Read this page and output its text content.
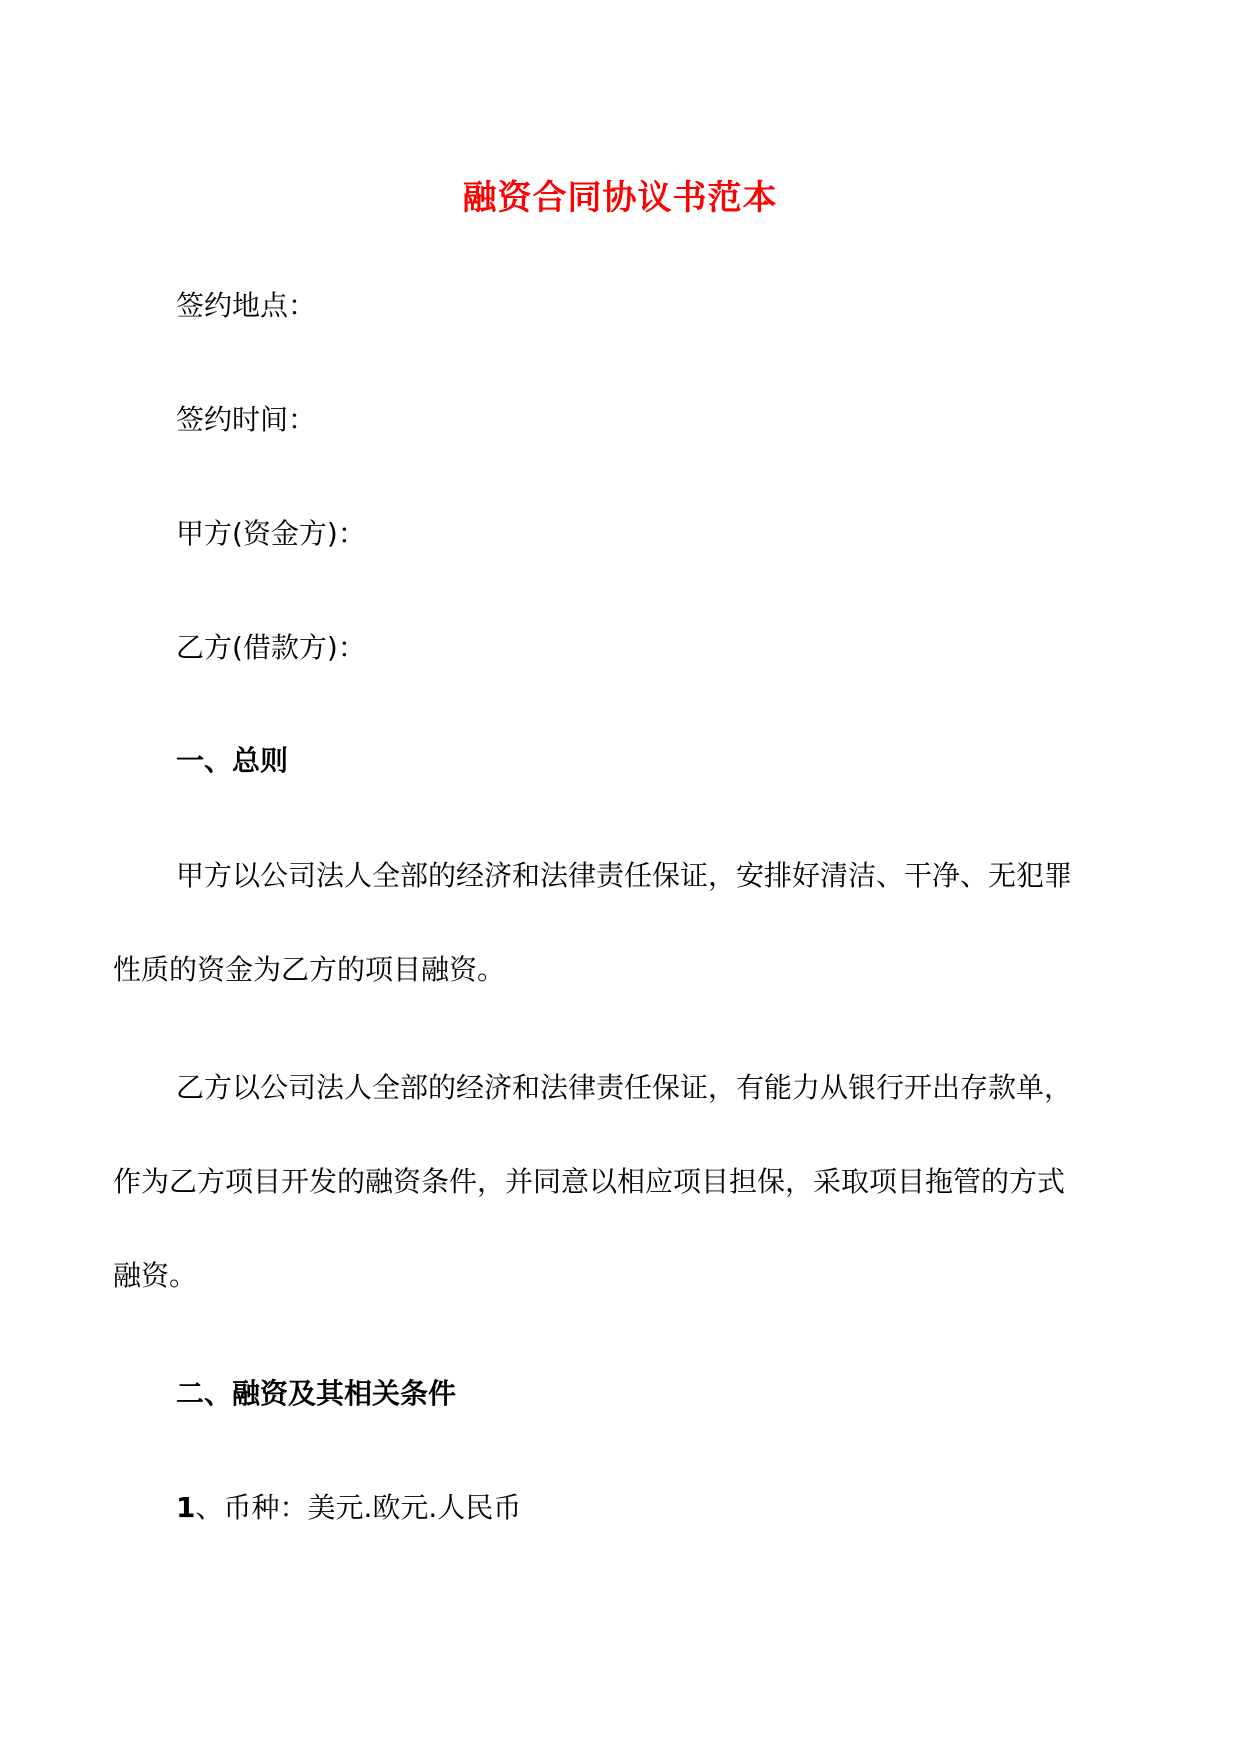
融资合同协议书范本
签约地点：
签约时间：
甲方(资金方)：
乙方(借款方)：
一、总则
甲方以公司法人全部的经济和法律责任保证，安排好清洁、干净、无犯罪
性质的资金为乙方的项目融资。
乙方以公司法人全部的经济和法律责任保证，有能力从银行开出存款单，
作为乙方项目开发的融资条件，并同意以相应项目担保，采取项目拖管的方式
融资。
二、融资及其相关条件
1、币种：美元.欧元.人民币
